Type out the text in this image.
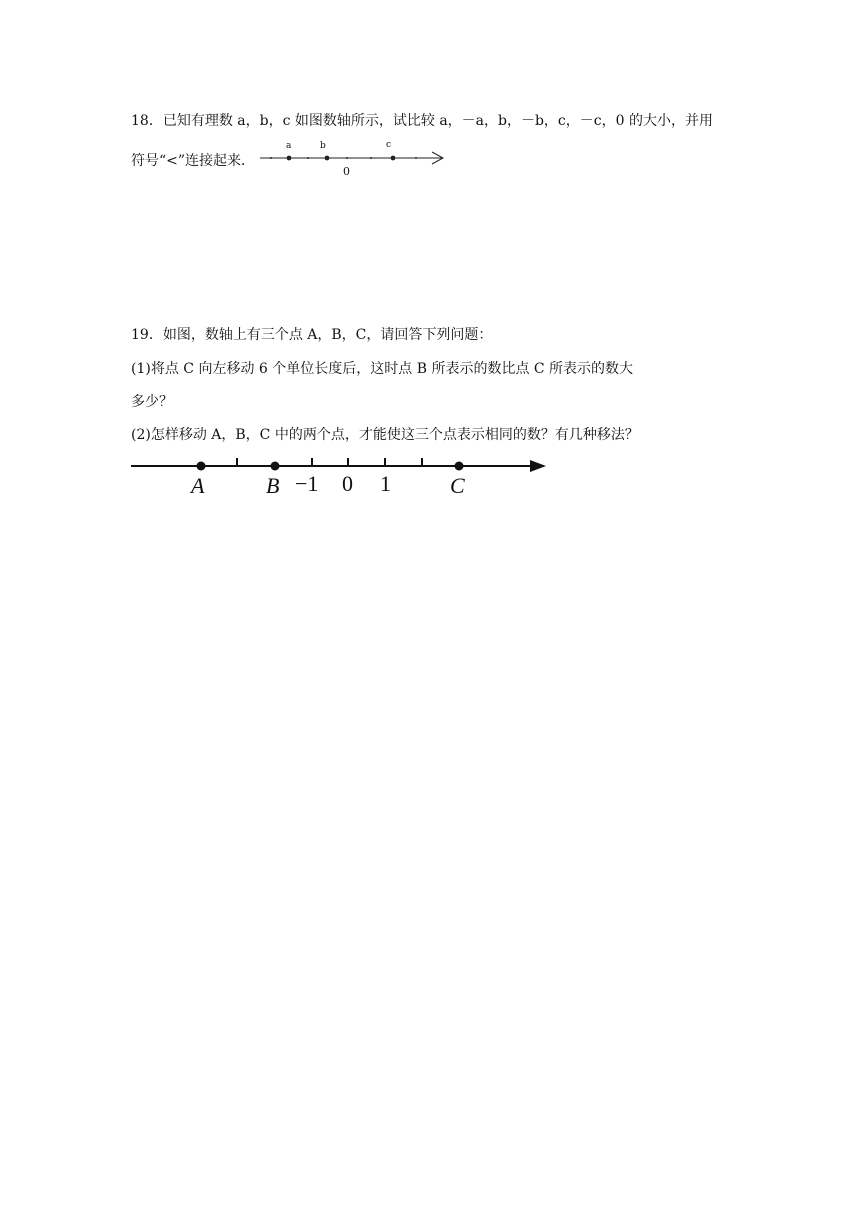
18．已知有理数 a，b，c 如图数轴所示，试比较 a，－a，b，－b，c，－c，0 的大小，并用
符号“<”连接起来．
19．如图，数轴上有三个点 A，B，C，请回答下列问题：
(1)将点 C 向左移动 6 个单位长度后，这时点 B 所表示的数比点 C 所表示的数大
多少？
(2)怎样移动 A，B，C 中的两个点，才能使这三个点表示相同的数？有几种移法？
a	b	c
0
A	B	C
−1 0 1
